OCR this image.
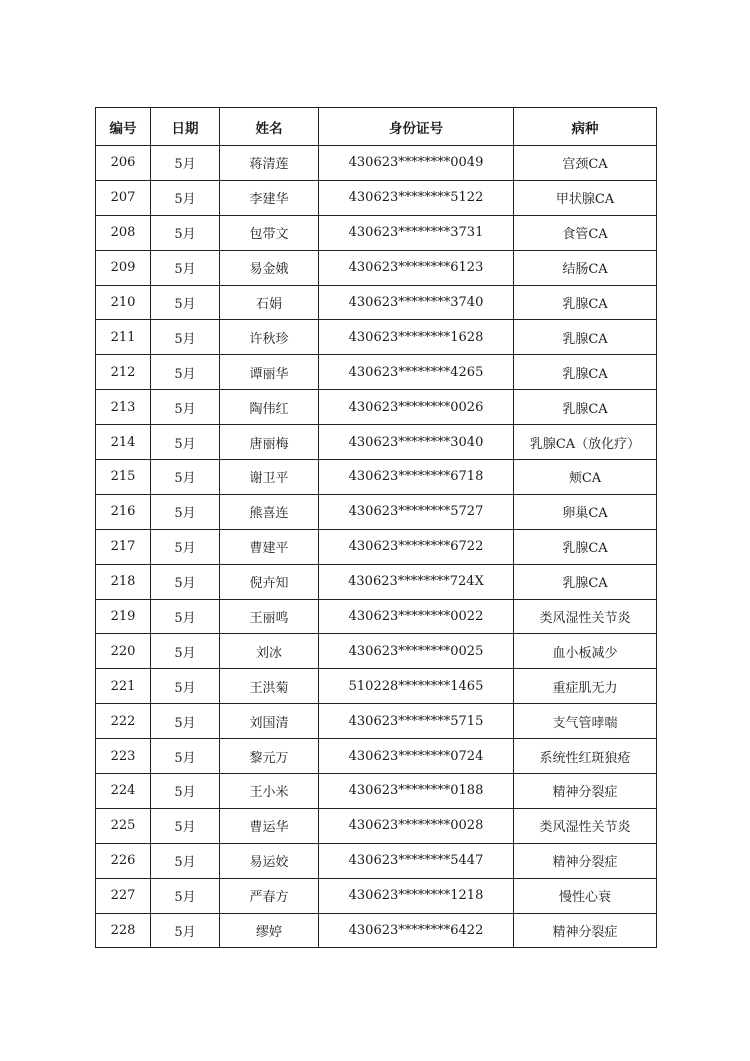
编号	日期	姓名	身份证号	病种
206	5月	蒋清莲	430623********0049	宫颈CA
207	5月	李建华	430623********5122	甲状腺CA
208	5月	包带文	430623********3731	食管CA
209	5月	易金娥	430623********6123	结肠CA
210	5月	石娟	430623********3740	乳腺CA
211	5月	许秋珍	430623********1628	乳腺CA
212	5月	谭丽华	430623********4265	乳腺CA
213	5月	陶伟红	430623********0026	乳腺CA
214	5月	唐丽梅	430623********3040	乳腺CA（放化疗）
215	5月	谢卫平	430623********6718	颊CA
216	5月	熊喜连	430623********5727	卵巢CA
217	5月	曹建平	430623********6722	乳腺CA
218	5月	倪卉知	430623********724X	乳腺CA
219	5月	王丽鸣	430623********0022	类风湿性关节炎
220	5月	刘冰	430623********0025	血小板减少
221	5月	王洪菊	510228********1465	重症肌无力
222	5月	刘国清	430623********5715	支气管哮喘
223	5月	黎元万	430623********0724	系统性红斑狼疮
224	5月	王小米	430623********0188	精神分裂症
225	5月	曹运华	430623********0028	类风湿性关节炎
226	5月	易运姣	430623********5447	精神分裂症
227	5月	严春方	430623********1218	慢性心衰
228	5月	缪婷	430623********6422	精神分裂症
